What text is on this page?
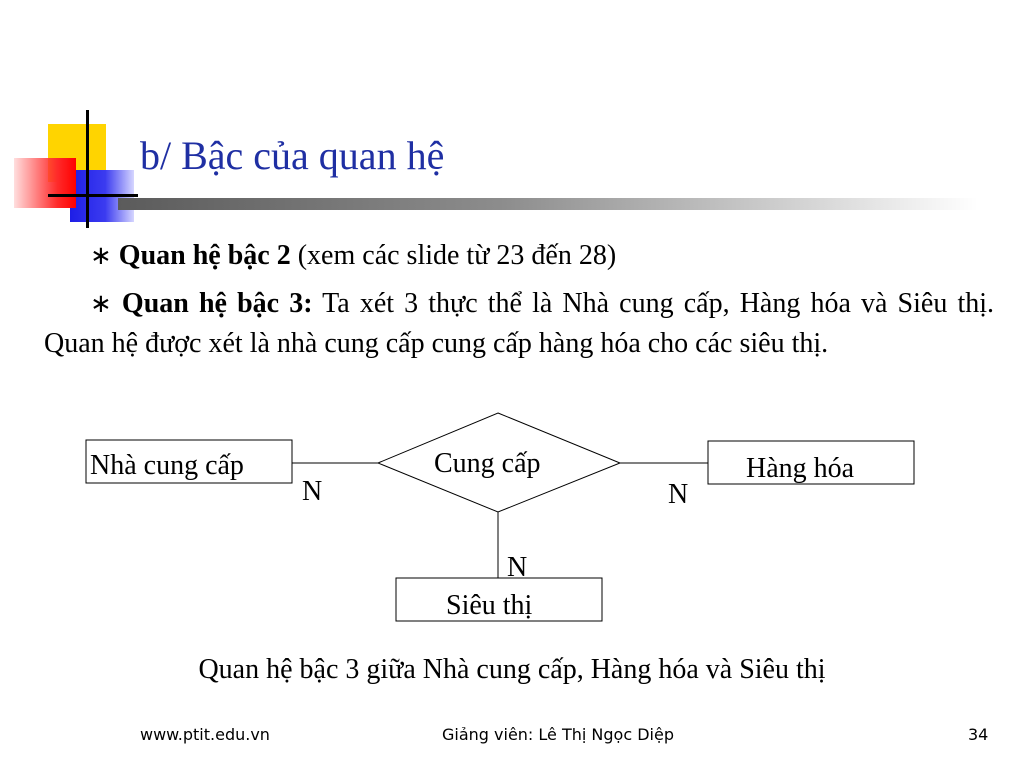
b/ Bậc của quan hệ
∗ Quan hệ bậc 2 (xem các slide từ 23 đến 28)
∗ Quan hệ bậc 3: Ta xét 3 thực thể là Nhà cung cấp, Hàng hóa và Siêu thị. Quan hệ được xét là nhà cung cấp cung cấp hàng hóa cho các siêu thị.
Cung cấp
Nhà cung cấp	Hàng hóa
Siêu thị
N	N
N
Quan hệ bậc 3 giữa Nhà cung cấp, Hàng hóa và Siêu thị
www.ptit.edu.vn	Giảng viên: Lê Thị Ngọc Diệp	34
